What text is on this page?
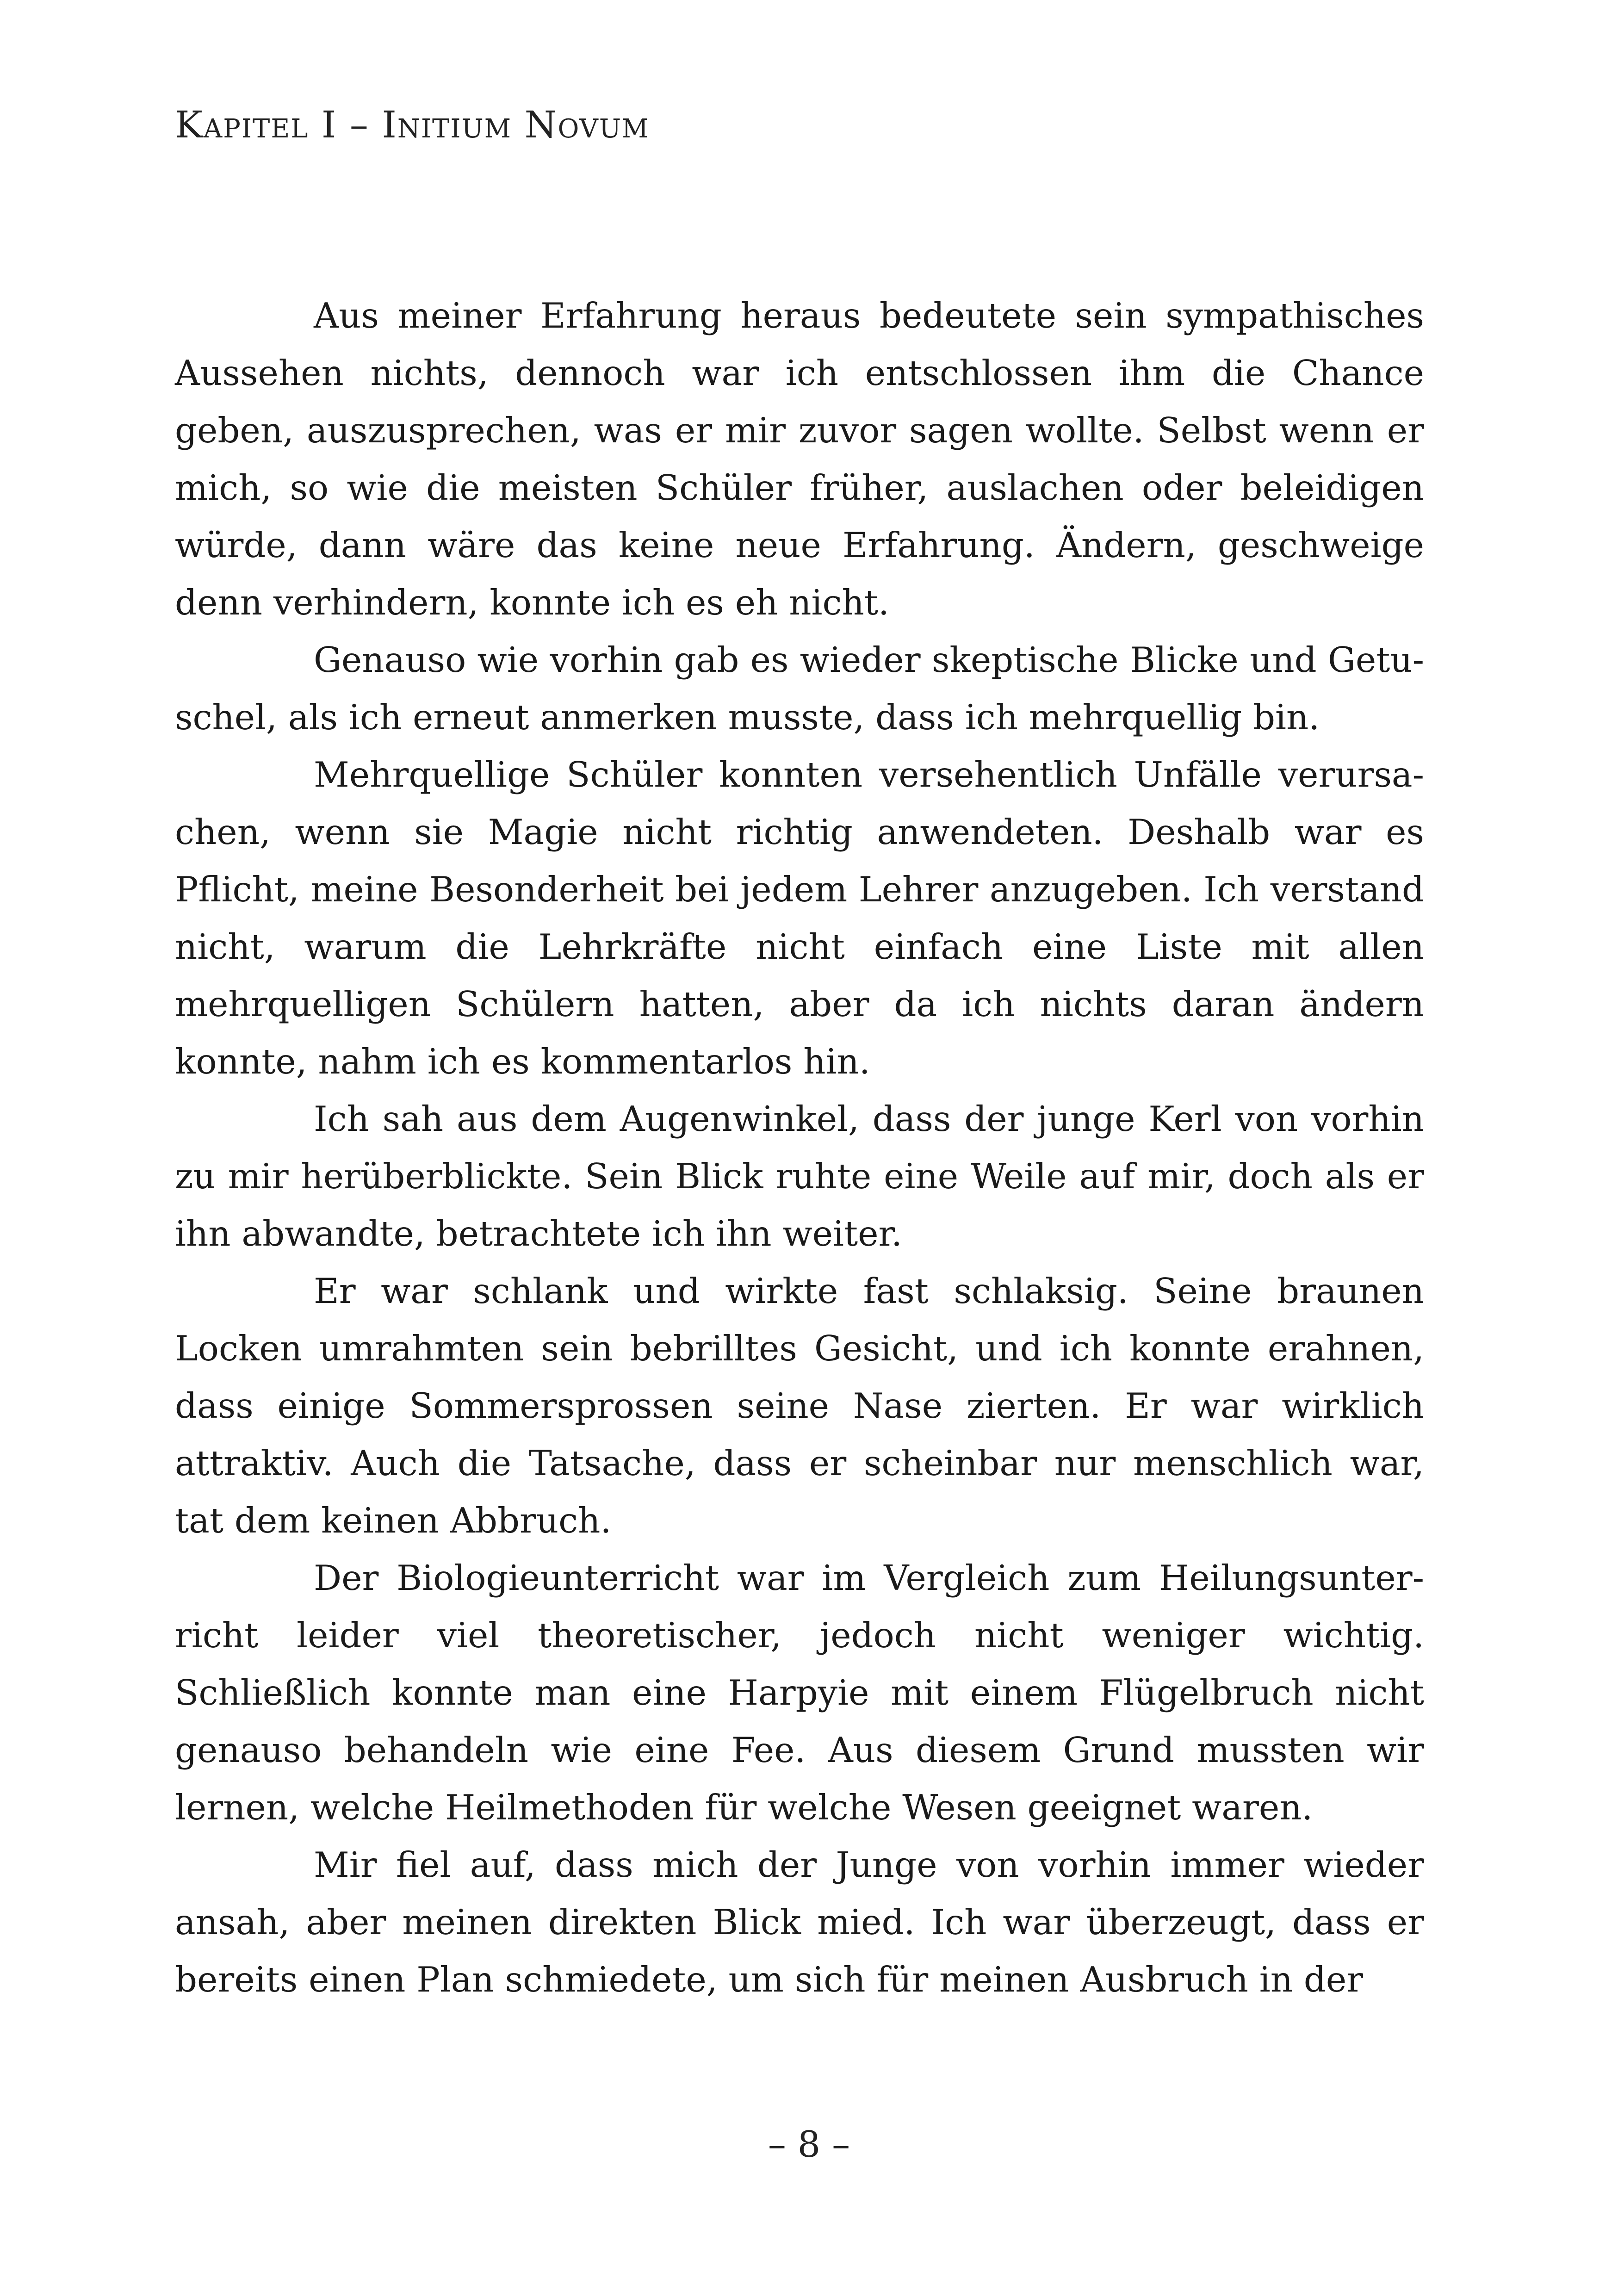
Kapitel I – Initium Novum

Aus meiner Erfahrung heraus bedeutete sein sympathisches Aussehen nichts, dennoch war ich entschlossen ihm die Chance geben, auszusprechen, was er mir zuvor sagen wollte. Selbst wenn er mich, so wie die meisten Schüler früher, auslachen oder beleidigen würde, dann wäre das keine neue Erfahrung. Ändern, geschweige denn verhindern, konnte ich es eh nicht.

Genauso wie vorhin gab es wieder skeptische Blicke und Getuschel, als ich erneut anmerken musste, dass ich mehrquellig bin.

Mehrquellige Schüler konnten versehentlich Unfälle verursachen, wenn sie Magie nicht richtig anwendeten. Deshalb war es Pflicht, meine Besonderheit bei jedem Lehrer anzugeben. Ich verstand nicht, warum die Lehrkräfte nicht einfach eine Liste mit allen mehrquelligen Schülern hatten, aber da ich nichts daran ändern konnte, nahm ich es kommentarlos hin.

Ich sah aus dem Augenwinkel, dass der junge Kerl von vorhin zu mir herüberblickte. Sein Blick ruhte eine Weile auf mir, doch als er ihn abwandte, betrachtete ich ihn weiter.

Er war schlank und wirkte fast schlaksig. Seine braunen Locken umrahmten sein bebrilltes Gesicht, und ich konnte erahnen, dass einige Sommersprossen seine Nase zierten. Er war wirklich attraktiv. Auch die Tatsache, dass er scheinbar nur menschlich war, tat dem keinen Abbruch.

Der Biologieunterricht war im Vergleich zum Heilungsunterricht leider viel theoretischer, jedoch nicht weniger wichtig. Schließlich konnte man eine Harpyie mit einem Flügelbruch nicht genauso behandeln wie eine Fee. Aus diesem Grund mussten wir lernen, welche Heilmethoden für welche Wesen geeignet waren.

Mir fiel auf, dass mich der Junge von vorhin immer wieder ansah, aber meinen direkten Blick mied. Ich war überzeugt, dass er bereits einen Plan schmiedete, um sich für meinen Ausbruch in der

– 8 –
